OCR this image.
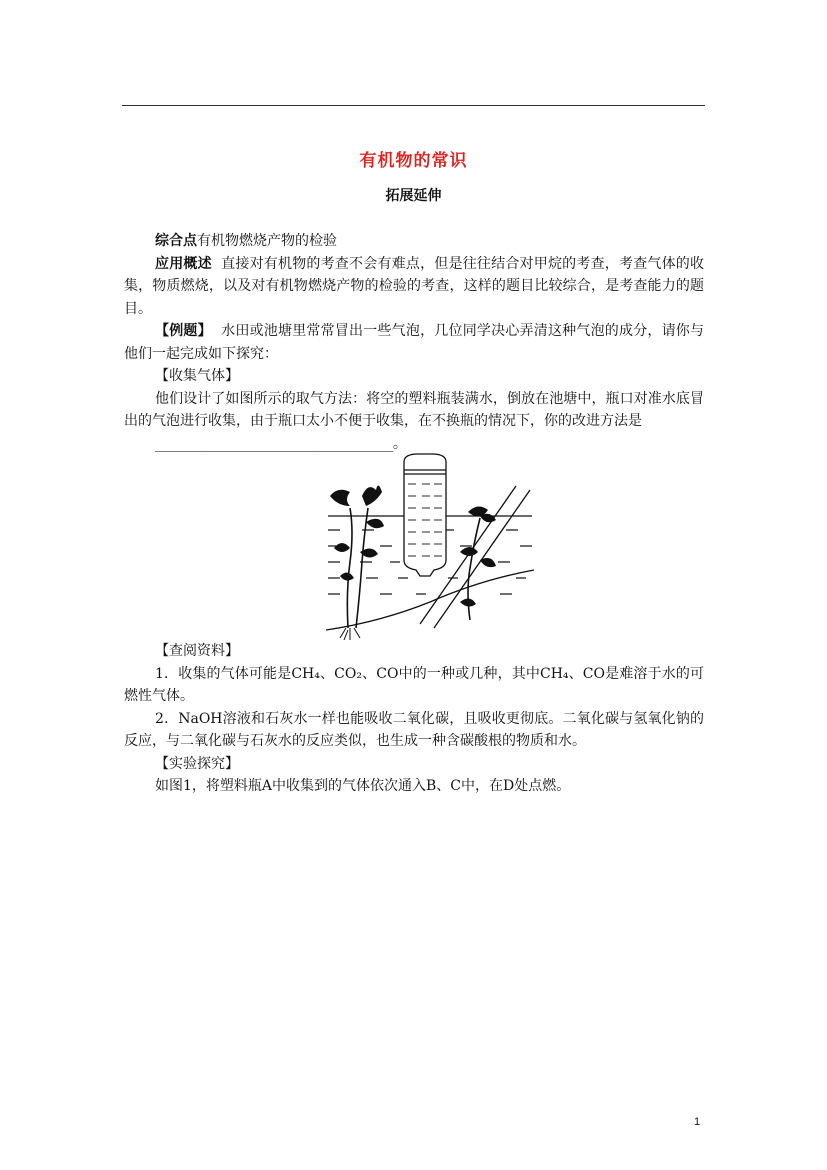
有机物的常识
拓展延伸

综合点有机物燃烧产物的检验

应用概述 直接对有机物的考查不会有难点，但是往往结合对甲烷的考查，考查气体的收集，物质燃烧，以及对有机物燃烧产物的检验的考查，这样的题目比较综合，是考查能力的题目。

【例题】 水田或池塘里常常冒出一些气泡，几位同学决心弄清这种气泡的成分，请你与他们一起完成如下探究：

【收集气体】

他们设计了如图所示的取气方法：将空的塑料瓶装满水，倒放在池塘中，瓶口对准水底冒出的气泡进行收集，由于瓶口太小不便于收集，在不换瓶的情况下，你的改进方法是
______________________________。

【查阅资料】

1．收集的气体可能是CH₄、CO₂、CO中的一种或几种，其中CH₄、CO是难溶于水的可燃性气体。

2．NaOH溶液和石灰水一样也能吸收二氧化碳，且吸收更彻底。二氧化碳与氢氧化钠的反应，与二氧化碳与石灰水的反应类似，也生成一种含碳酸根的物质和水。

【实验探究】

如图1，将塑料瓶A中收集到的气体依次通入B、C中，在D处点燃。

1
